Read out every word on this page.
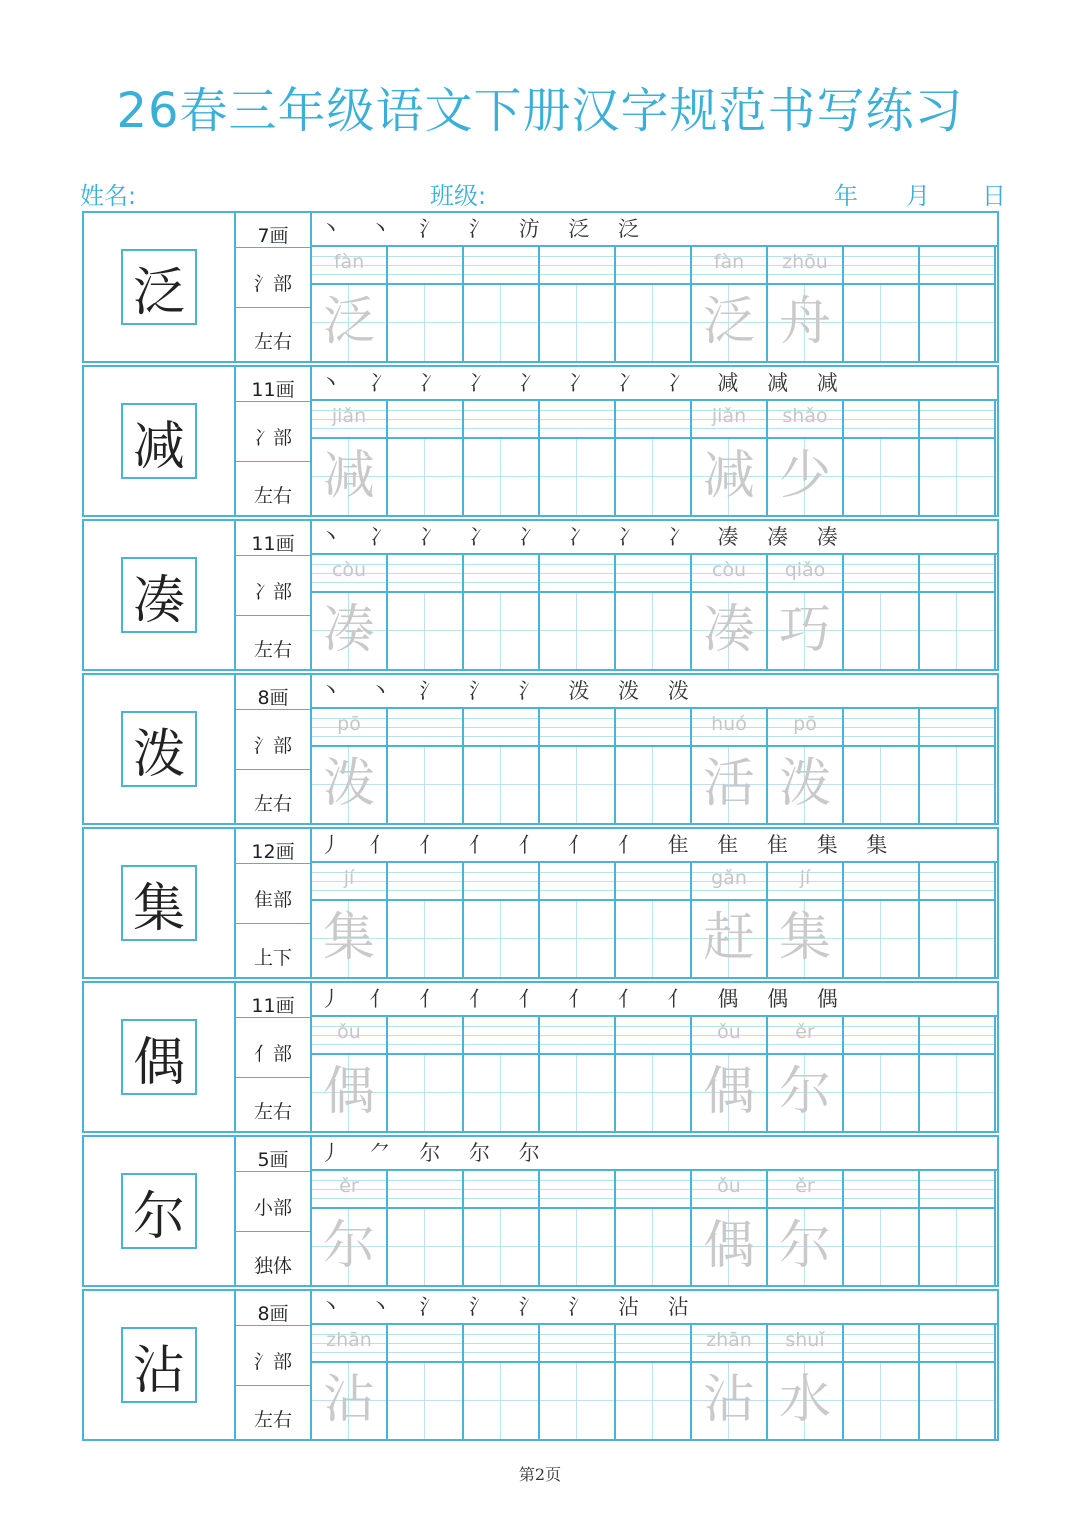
26春三年级语文下册汉字规范书写练习
姓名:	班级:	年 月 日
泛
7画
氵部
左右
丶 丶 氵 氵 汸 泛 泛
fàn
泛
fàn
泛
zhōu
舟
减
11画
冫部
左右
丶 冫 冫 冫 冫 冫 冫 冫 减 减 减
jiǎn
减
jiǎn
减
shǎo
少
凑
11画
冫部
左右
丶 冫 冫 冫 冫 冫 冫 冫 凑 凑 凑
còu
凑
còu
凑
qiǎo
巧
泼
8画
氵部
左右
丶 丶 氵 氵 氵 泼 泼 泼
pō
泼
huó
活
pō
泼
集
12画
隹部
上下
丿 亻 亻 亻 亻 亻 亻 隹 隹 隹 集 集
jí
集
gǎn
赶
jí
集
偶
11画
亻部
左右
丿 亻 亻 亻 亻 亻 亻 亻 偶 偶 偶
ǒu
偶
ǒu
偶
ěr
尔
尔
5画
小部
独体
丿 ⺈ 尔 尔 尔
ěr
尔
ǒu
偶
ěr
尔
沾
8画
氵部
左右
丶 丶 氵 氵 氵 氵 沾 沾
zhān
沾
zhān
沾
shuǐ
水
第2页
